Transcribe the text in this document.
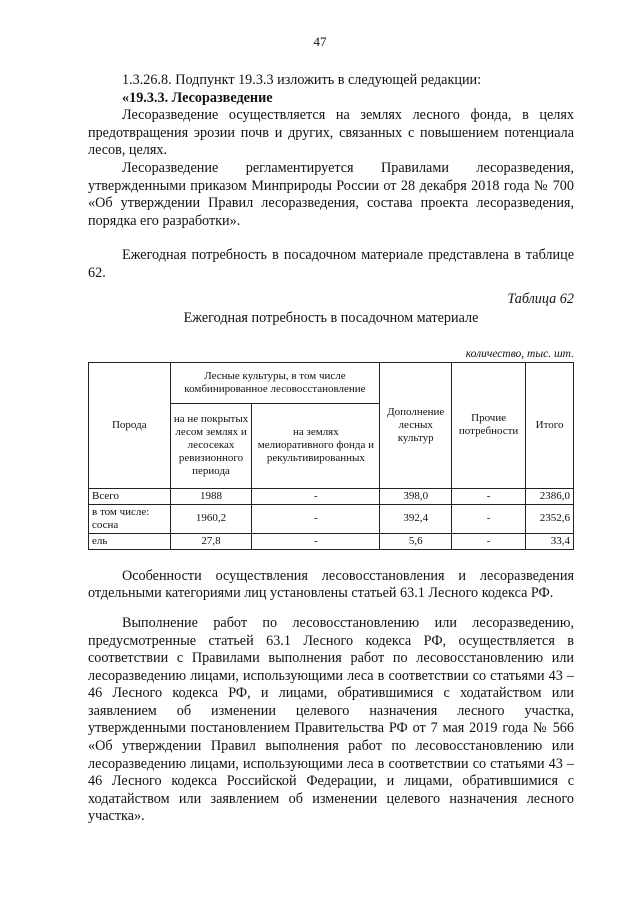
47

1.3.26.8. Подпункт 19.3.3 изложить в следующей редакции:

«19.3.3. Лесоразведение

Лесоразведение осуществляется на землях лесного фонда, в целях предотвращения эрозии почв и других, связанных с повышением потенциала лесов, целях.

Лесоразведение регламентируется Правилами лесоразведения, утвержденными приказом Минприроды России от 28 декабря 2018 года № 700 «Об утверждении Правил лесоразведения, состава проекта лесоразведения, порядка его разработки».

Ежегодная потребность в посадочном материале представлена в таблице 62.

Таблица 62

Ежегодная потребность в посадочном материале

количество, тыс. шт.

Порода	Лесные культуры, в том числе комбинированное лесовосстановление		Дополнение лесных культур	Прочие потребности	Итого
	на не покрытых лесом землях и лесосеках ревизионного периода	на землях мелиоративного фонда и рекультивированных			
Всего	1988	-	398,0	-	2386,0
в том числе: сосна	1960,2	-	392,4	-	2352,6
ель	27,8	-	5,6	-	33,4

Особенности осуществления лесовосстановления и лесоразведения отдельными категориями лиц установлены статьей 63.1 Лесного кодекса РФ.

Выполнение работ по лесовосстановлению или лесоразведению, предусмотренные статьей 63.1 Лесного кодекса РФ, осуществляется в соответствии с Правилами выполнения работ по лесовосстановлению или лесоразведению лицами, использующими леса в соответствии со статьями 43 – 46 Лесного кодекса РФ, и лицами, обратившимися с ходатайством или заявлением об изменении целевого назначения лесного участка, утвержденными постановлением Правительства РФ от 7 мая 2019 года № 566 «Об утверждении Правил выполнения работ по лесовосстановлению или лесоразведению лицами, использующими леса в соответствии со статьями 43 – 46 Лесного кодекса Российской Федерации, и лицами, обратившимися с ходатайством или заявлением об изменении целевого назначения лесного участка».
